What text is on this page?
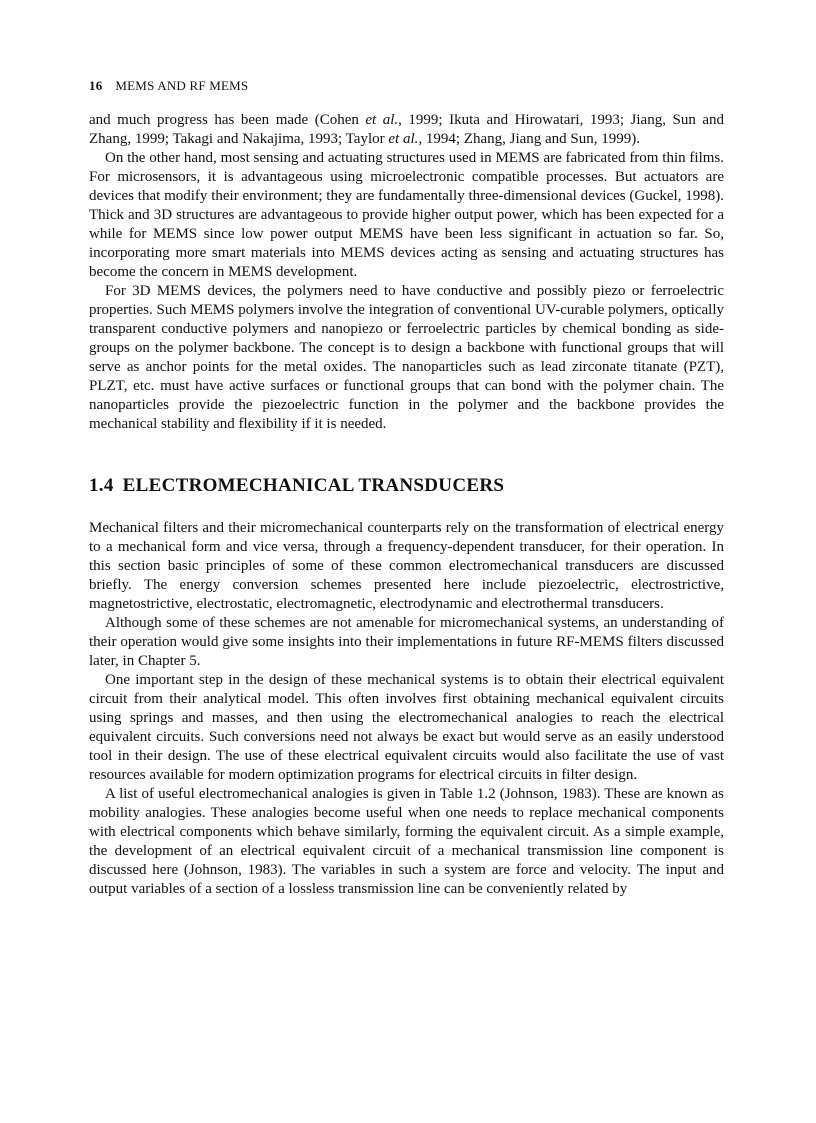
16 MEMS AND RF MEMS

and much progress has been made (Cohen et al., 1999; Ikuta and Hirowatari, 1993; Jiang, Sun and Zhang, 1999; Takagi and Nakajima, 1993; Taylor et al., 1994; Zhang, Jiang and Sun, 1999).

On the other hand, most sensing and actuating structures used in MEMS are fabricated from thin films. For microsensors, it is advantageous using microelectronic compatible processes. But actuators are devices that modify their environment; they are fundamentally three-dimensional devices (Guckel, 1998). Thick and 3D structures are advantageous to provide higher output power, which has been expected for a while for MEMS since low power output MEMS have been less significant in actuation so far. So, incorporating more smart materials into MEMS devices acting as sensing and actuating structures has become the concern in MEMS development.

For 3D MEMS devices, the polymers need to have conductive and possibly piezo or ferroelectric properties. Such MEMS polymers involve the integration of conventional UV-curable polymers, optically transparent conductive polymers and nanopiezo or ferroelectric particles by chemical bonding as side-groups on the polymer backbone. The concept is to design a backbone with functional groups that will serve as anchor points for the metal oxides. The nanoparticles such as lead zirconate titanate (PZT), PLZT, etc. must have active surfaces or functional groups that can bond with the polymer chain. The nanoparticles provide the piezoelectric function in the polymer and the backbone provides the mechanical stability and flexibility if it is needed.

1.4 ELECTROMECHANICAL TRANSDUCERS

Mechanical filters and their micromechanical counterparts rely on the transformation of electrical energy to a mechanical form and vice versa, through a frequency-dependent transducer, for their operation. In this section basic principles of some of these common electromechanical transducers are discussed briefly. The energy conversion schemes presented here include piezoelectric, electrostrictive, magnetostrictive, electrostatic, electromagnetic, electrodynamic and electrothermal transducers.

Although some of these schemes are not amenable for micromechanical systems, an understanding of their operation would give some insights into their implementations in future RF-MEMS filters discussed later, in Chapter 5.

One important step in the design of these mechanical systems is to obtain their electrical equivalent circuit from their analytical model. This often involves first obtaining mechanical equivalent circuits using springs and masses, and then using the electromechanical analogies to reach the electrical equivalent circuits. Such conversions need not always be exact but would serve as an easily understood tool in their design. The use of these electrical equivalent circuits would also facilitate the use of vast resources available for modern optimization programs for electrical circuits in filter design.

A list of useful electromechanical analogies is given in Table 1.2 (Johnson, 1983). These are known as mobility analogies. These analogies become useful when one needs to replace mechanical components with electrical components which behave similarly, forming the equivalent circuit. As a simple example, the development of an electrical equivalent circuit of a mechanical transmission line component is discussed here (Johnson, 1983). The variables in such a system are force and velocity. The input and output variables of a section of a lossless transmission line can be conveniently related by
